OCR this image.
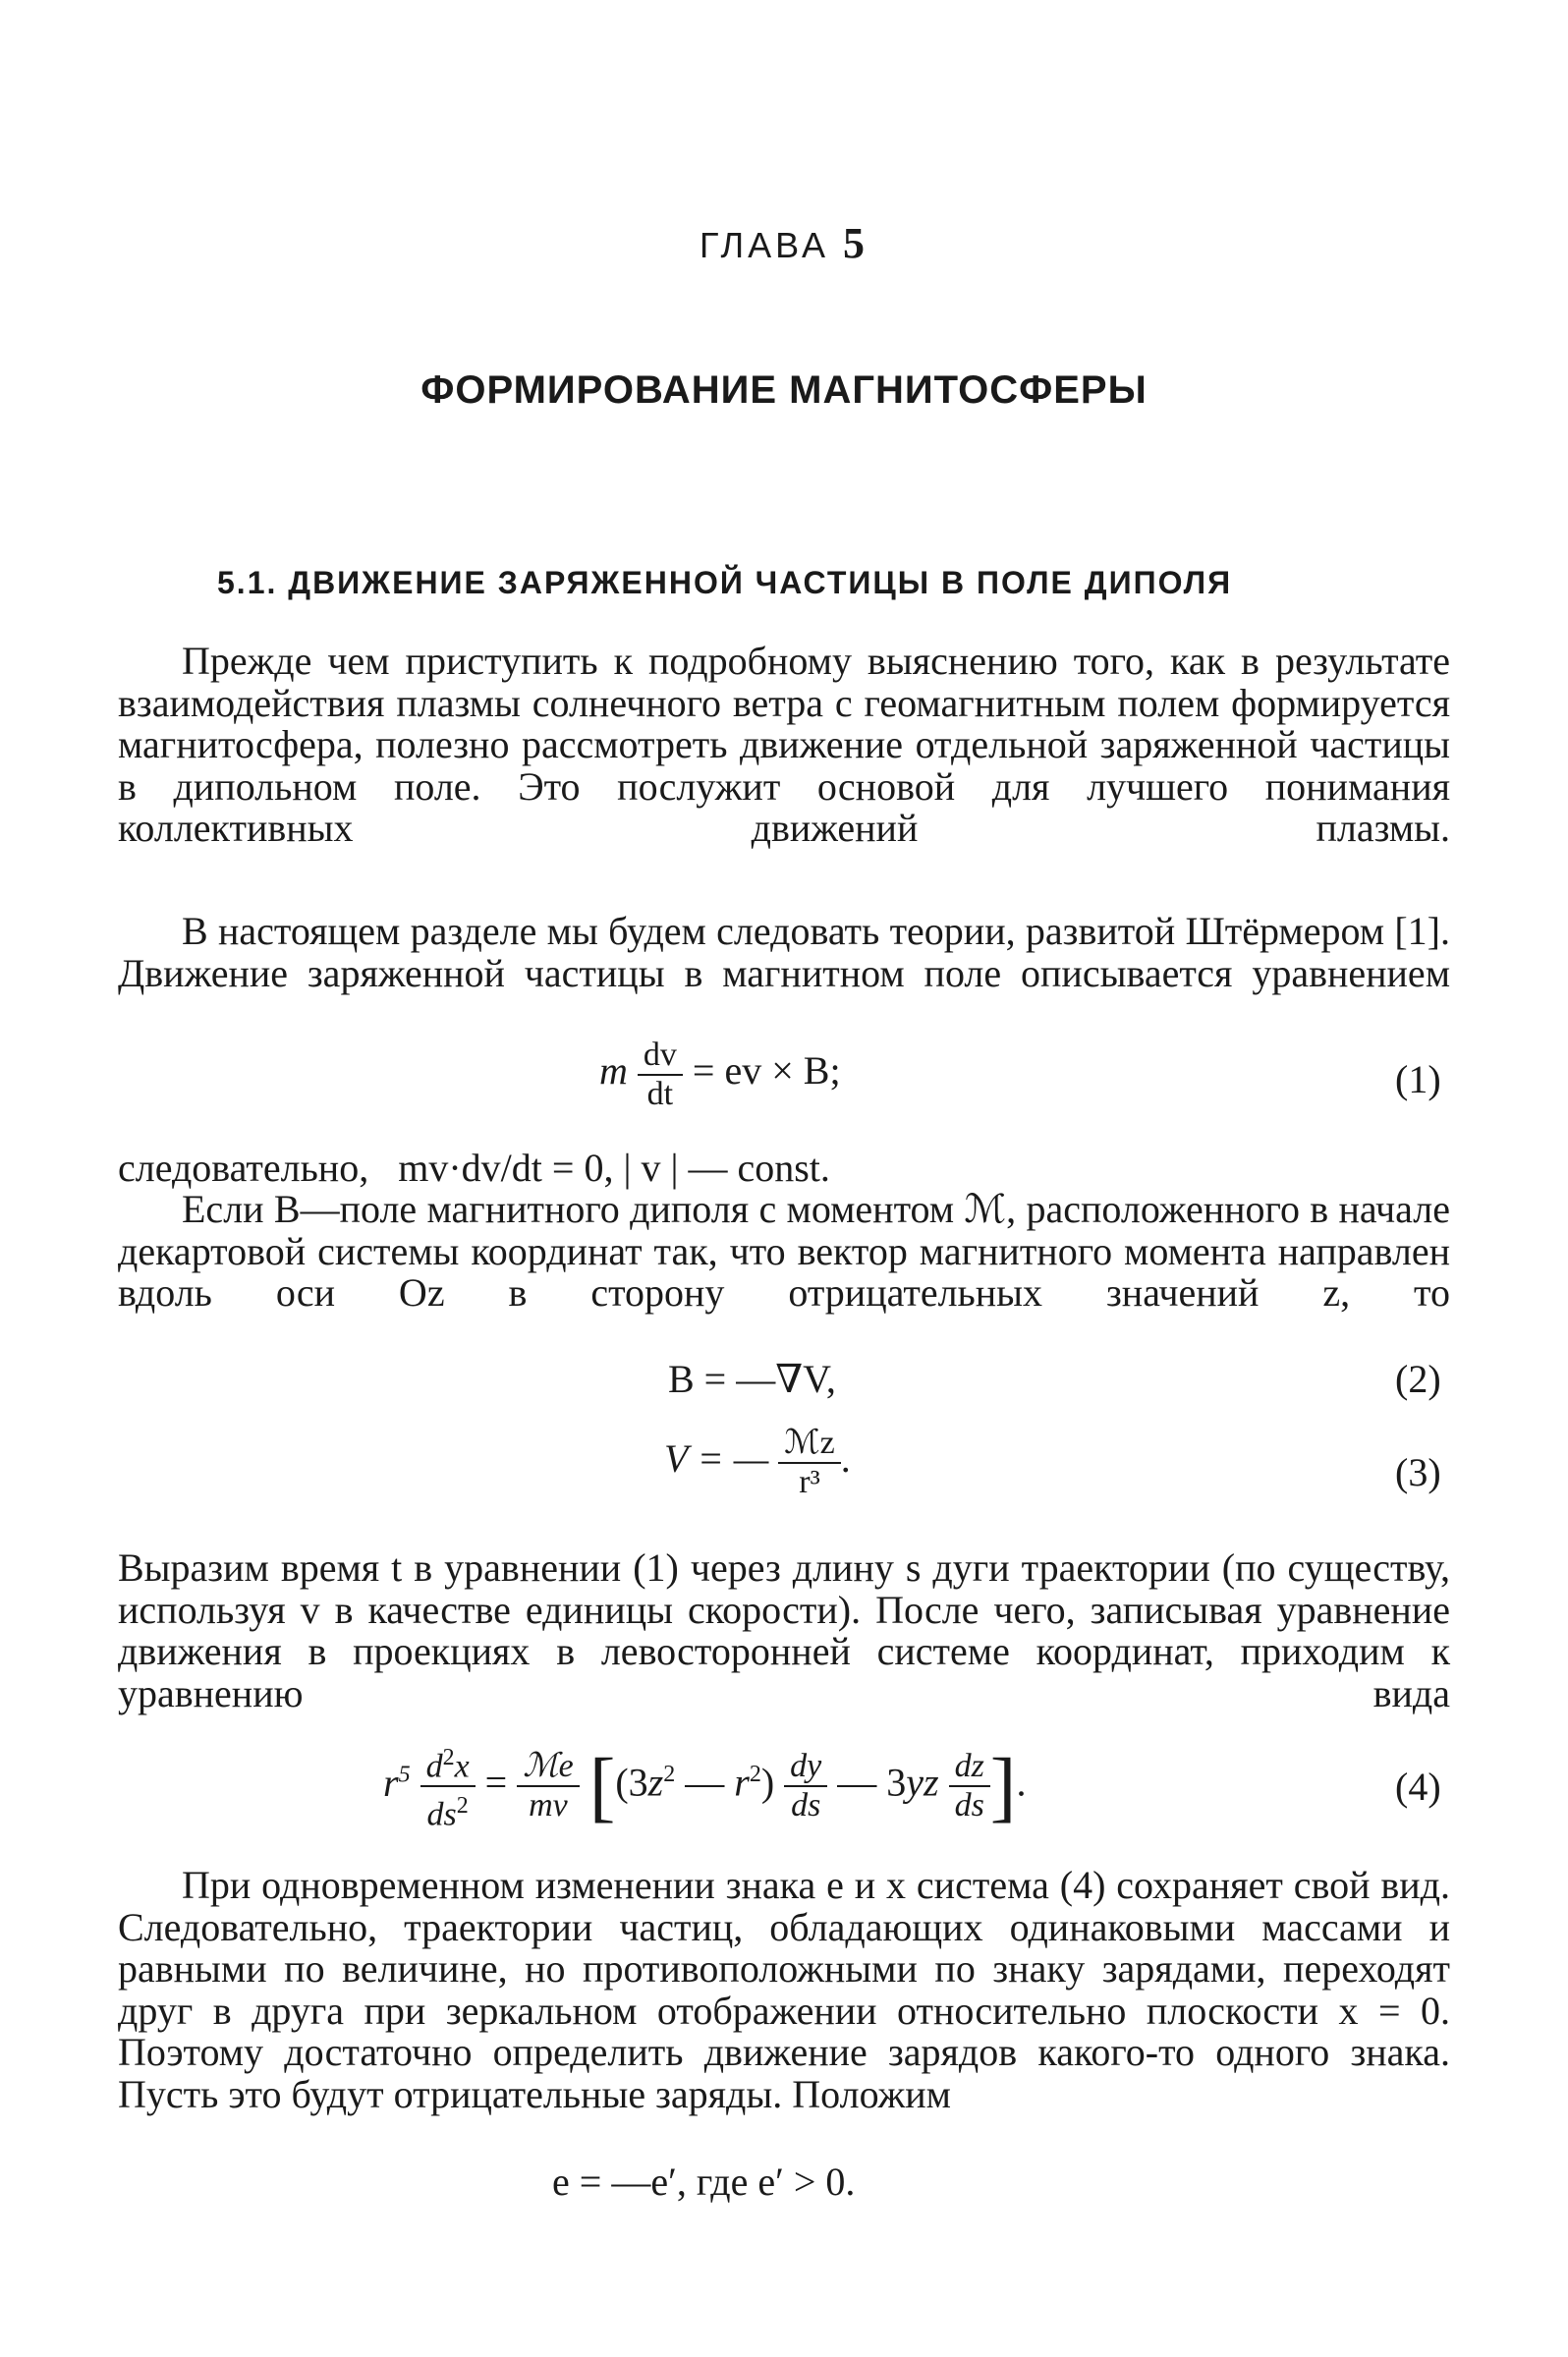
ГЛАВА 5
ФОРМИРОВАНИЕ МАГНИТОСФЕРЫ
5.1. ДВИЖЕНИЕ ЗАРЯЖЕННОЙ ЧАСТИЦЫ В ПОЛЕ ДИПОЛЯ
Прежде чем приступить к подробному выяснению того, как в результате взаимодействия плазмы солнечного ветра с геомагнитным полем формируется магнитосфера, полезно рассмотреть движение отдельной заряженной частицы в дипольном поле. Это послужит основой для лучшего понимания коллективных движений плазмы.
В настоящем разделе мы будем следовать теории, развитой Штёрмером [1]. Движение заряженной частицы в магнитном поле описывается уравнением
m $\frac{dv}{dt}$ = ev × B;	(1)
следовательно, mv·dv/dt = 0, | v | — const.
Если B—поле магнитного диполя с моментом ℳ, расположенного в начале декартовой системы координат так, что вектор магнитного момента направлен вдоль оси Oz в сторону отрицательных значений z, то
B = —∇V,	(2)
V = — $\frac{\text{ℳz}}{\text{r³}}$ .	(3)
Выразим время t в уравнении (1) через длину s дуги траектории (по существу, используя v в качестве единицы скорости). После чего, записывая уравнение движения в проекциях в левосторонней системе координат, приходим к уравнению вида
$r^5 \frac{d^2x}{ds^2} = \frac{\text{ℳe}}{mv} [(3z^2$ — $r^2) \frac{dy}{ds}$ — $3yz \frac{dz}{ds}$ ].	(4)
При одновременном изменении знака e и x система (4) сохраняет свой вид. Следовательно, траектории частиц, обладающих одинаковыми массами и равными по величине, но противоположными по знаку зарядами, переходят друг в друга при зеркальном отображении относительно плоскости x = 0. Поэтому достаточно определить движение зарядов какого-то одного знака. Пусть это будут отрицательные заряды. Положим
e = —e′, где e′ > 0.
